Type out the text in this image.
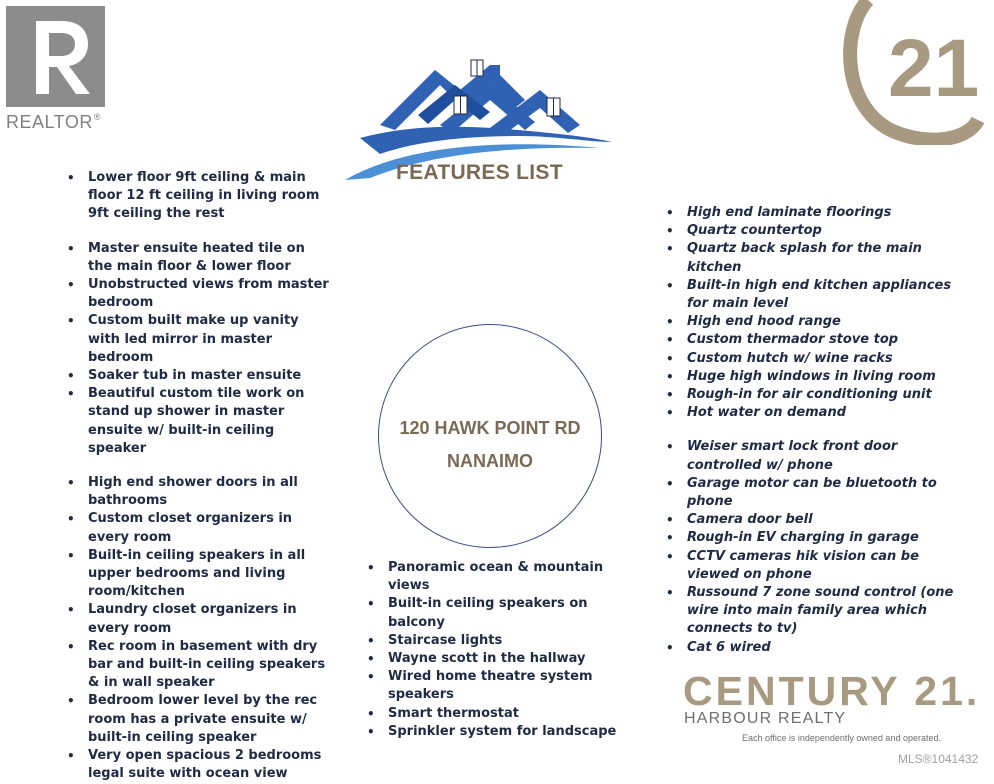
REALTOR®
21
FEATURES LIST
• Lower floor 9ft ceiling & main floor 12 ft ceiling in living room 9ft ceiling the rest
• Master ensuite heated tile on the main floor & lower floor
• Unobstructed views from master bedroom
• Custom built make up vanity with led mirror in master bedroom
• Soaker tub in master ensuite
• Beautiful custom tile work on stand up shower in master ensuite w/ built-in ceiling speaker
• High end shower doors in all bathrooms
• Custom closet organizers in every room
• Built-in ceiling speakers in all upper bedrooms and living room/kitchen
• Laundry closet organizers in every room
• Rec room in basement with dry bar and built-in ceiling speakers & in wall speaker
• Bedroom lower level by the rec room has a private ensuite w/ built-in ceiling speaker
• Very open spacious 2 bedrooms legal suite with ocean view
• High end laminate floorings
• Quartz countertop
• Quartz back splash for the main kitchen
• Built-in high end kitchen appliances for main level
• High end hood range
• Custom thermador stove top
• Custom hutch w/ wine racks
• Huge high windows in living room
• Rough-in for air conditioning unit
• Hot water on demand
• Weiser smart lock front door controlled w/ phone
• Garage motor can be bluetooth to phone
• Camera door bell
• Rough-in EV charging in garage
• CCTV cameras hik vision can be viewed on phone
• Russound 7 zone sound control (one wire into main family area which connects to tv)
• Cat 6 wired
• Panoramic ocean & mountain views
• Built-in ceiling speakers on balcony
• Staircase lights
• Wayne scott in the hallway
• Wired home theatre system speakers
• Smart thermostat
• Sprinkler system for landscape
120 HAWK POINT RD
NANAIMO
CENTURY 21.
HARBOUR REALTY
Each office is independently owned and operated.
MLS®1041432
